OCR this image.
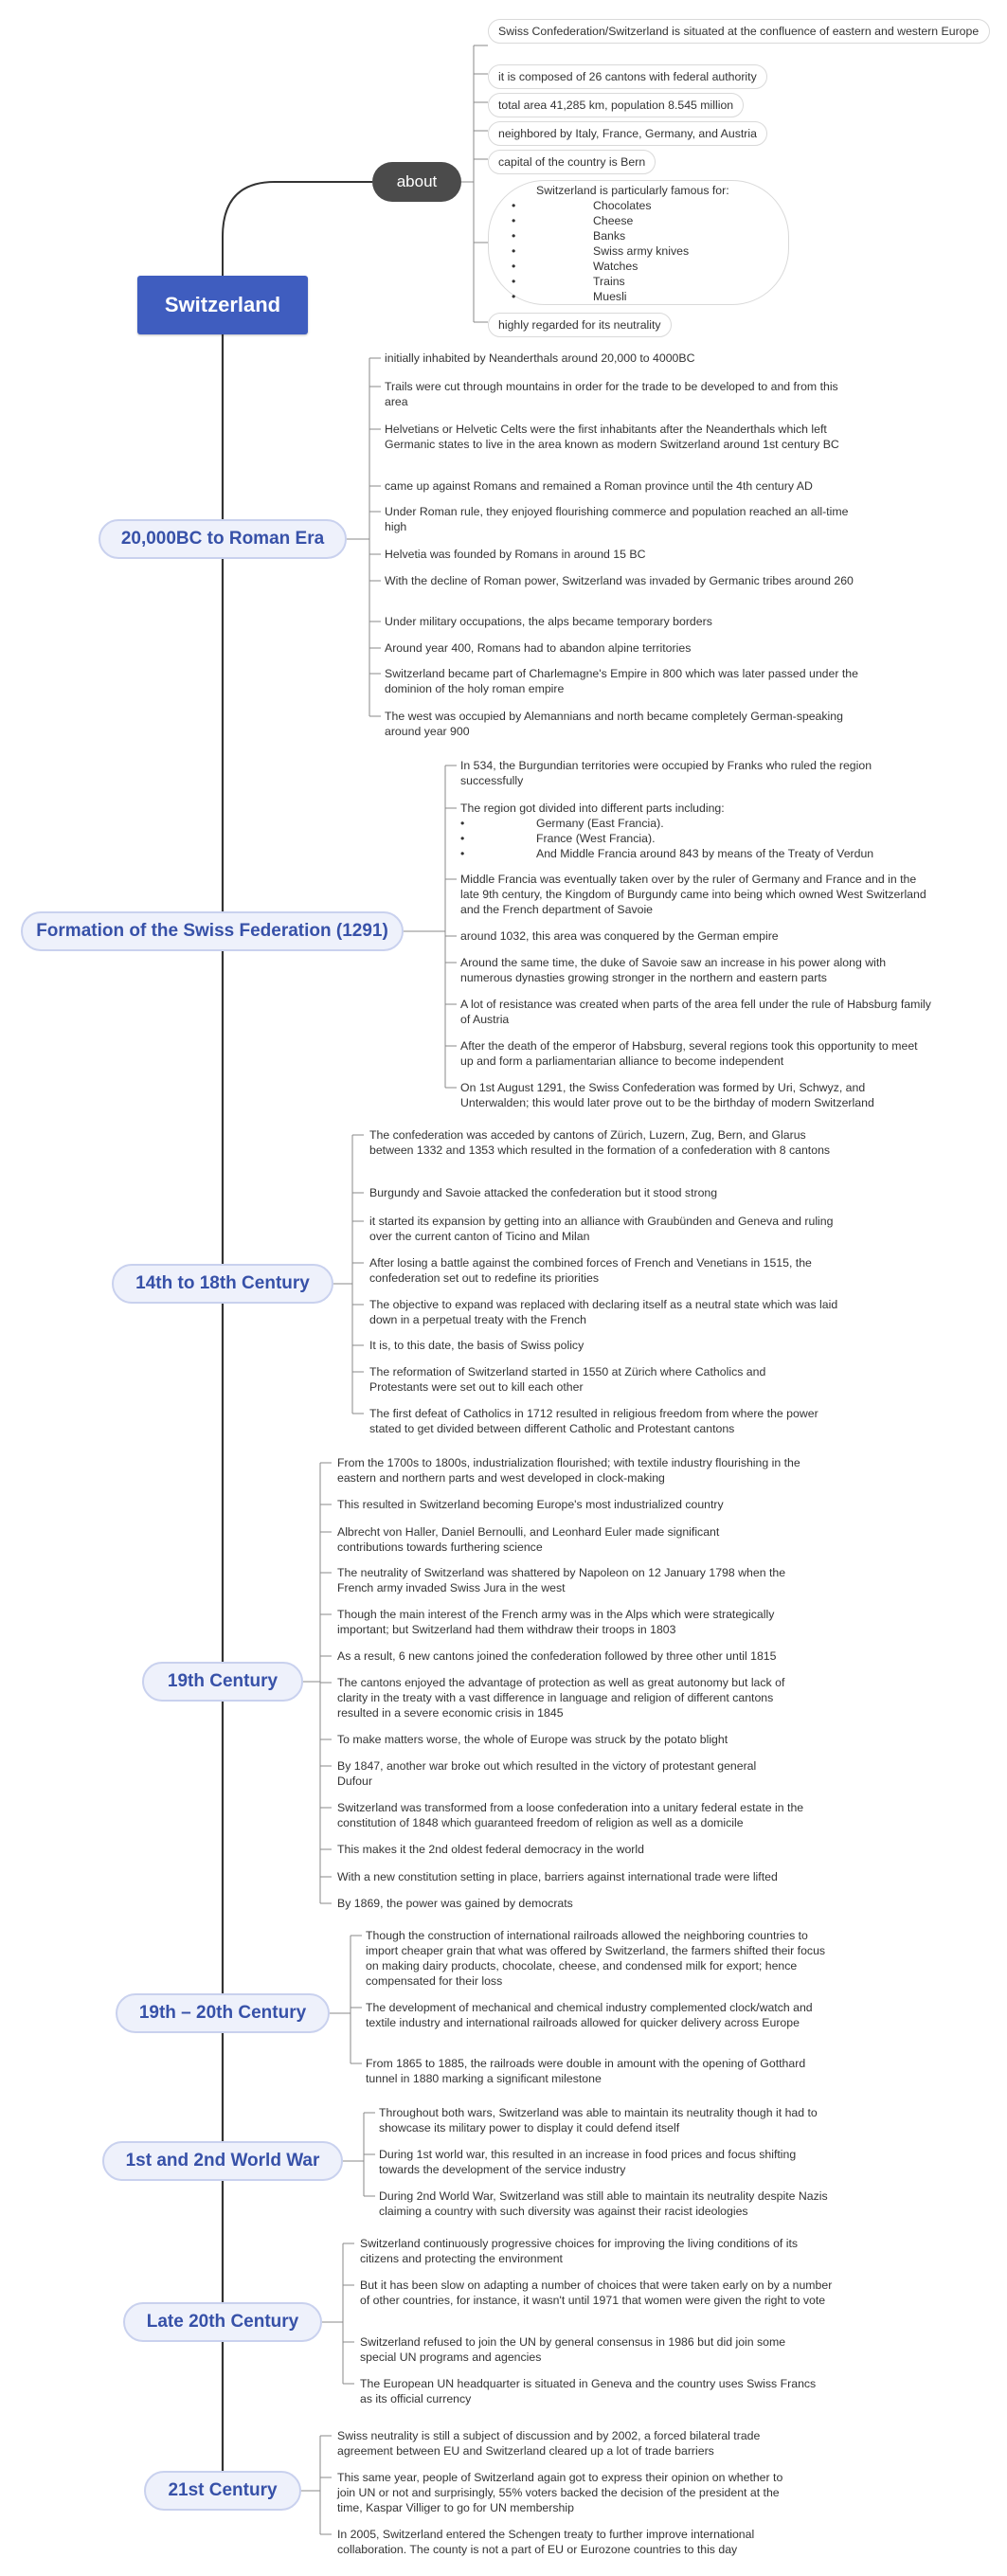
Switzerland
about
Swiss Confederation/Switzerland is situated at the confluence of eastern and western Europe
it is composed of 26 cantons with federal authority
total area 41,285 km, population 8.545 million
neighbored by Italy, France, Germany, and Austria
capital of the country is Bern
Switzerland is particularly famous for:
•	Chocolates
•	Cheese
•	Banks
•	Swiss army knives
•	Watches
•	Trains
•	Muesli
highly regarded for its neutrality
20,000BC to Roman Era
initially inhabited by Neanderthals around 20,000 to 4000BC
Trails were cut through mountains in order for the trade to be developed to and from this area
Helvetians or Helvetic Celts were the first inhabitants after the Neanderthals which left Germanic states to live in the area known as modern Switzerland around 1st century BC
came up against Romans and remained a Roman province until the 4th century AD
Under Roman rule, they enjoyed flourishing commerce and population reached an all-time high
Helvetia was founded by Romans in around 15 BC
With the decline of Roman power, Switzerland was invaded by Germanic tribes around 260
Under military occupations, the alps became temporary borders
Around year 400, Romans had to abandon alpine territories
Switzerland became part of Charlemagne's Empire in 800 which was later passed under the dominion of the holy roman empire
The west was occupied by Alemannians and north became completely German-speaking around year 900
Formation of the Swiss Federation (1291)
In 534, the Burgundian territories were occupied by Franks who ruled the region successfully
The region got divided into different parts including:
•	Germany (East Francia).
•	France (West Francia).
•	And Middle Francia around 843 by means of the Treaty of Verdun
Middle Francia was eventually taken over by the ruler of Germany and France and in the late 9th century, the Kingdom of Burgundy came into being which owned West Switzerland and the French department of Savoie
around 1032, this area was conquered by the German empire
Around the same time, the duke of Savoie saw an increase in his power along with numerous dynasties growing stronger in the northern and eastern parts
A lot of resistance was created when parts of the area fell under the rule of Habsburg family of Austria
After the death of the emperor of Habsburg, several regions took this opportunity to meet up and form a parliamentarian alliance to become independent
On 1st August 1291, the Swiss Confederation was formed by Uri, Schwyz, and Unterwalden; this would later prove out to be the birthday of modern Switzerland
14th to 18th Century
The confederation was acceded by cantons of Zürich, Luzern, Zug, Bern, and Glarus between 1332 and 1353 which resulted in the formation of a confederation with 8 cantons
Burgundy and Savoie attacked the confederation but it stood strong
it started its expansion by getting into an alliance with Graubünden and Geneva and ruling over the current canton of Ticino and Milan
After losing a battle against the combined forces of French and Venetians in 1515, the confederation set out to redefine its priorities
The objective to expand was replaced with declaring itself as a neutral state which was laid down in a perpetual treaty with the French
It is, to this date, the basis of Swiss policy
The reformation of Switzerland started in 1550 at Zürich where Catholics and Protestants were set out to kill each other
The first defeat of Catholics in 1712 resulted in religious freedom from where the power stated to get divided between different Catholic and Protestant cantons
19th Century
From the 1700s to 1800s, industrialization flourished; with textile industry flourishing in the eastern and northern parts and west developed in clock-making
This resulted in Switzerland becoming Europe's most industrialized country
Albrecht von Haller, Daniel Bernoulli, and Leonhard Euler made significant contributions towards furthering science
The neutrality of Switzerland was shattered by Napoleon on 12 January 1798 when the French army invaded Swiss Jura in the west
Though the main interest of the French army was in the Alps which were strategically important; but Switzerland had them withdraw their troops in 1803
As a result, 6 new cantons joined the confederation followed by three other until 1815
The cantons enjoyed the advantage of protection as well as great autonomy but lack of clarity in the treaty with a vast difference in language and religion of different cantons resulted in a severe economic crisis in 1845
To make matters worse, the whole of Europe was struck by the potato blight
By 1847, another war broke out which resulted in the victory of protestant general Dufour
Switzerland was transformed from a loose confederation into a unitary federal estate in the constitution of 1848 which guaranteed freedom of religion as well as a domicile
This makes it the 2nd oldest federal democracy in the world
With a new constitution setting in place, barriers against international trade were lifted
By 1869, the power was gained by democrats
19th – 20th Century
Though the construction of international railroads allowed the neighboring countries to import cheaper grain that what was offered by Switzerland, the farmers shifted their focus on making dairy products, chocolate, cheese, and condensed milk for export; hence compensated for their loss
The development of mechanical and chemical industry complemented clock/watch and textile industry and international railroads allowed for quicker delivery across Europe
From 1865 to 1885, the railroads were double in amount with the opening of Gotthard tunnel in 1880 marking a significant milestone
1st and 2nd World War
Throughout both wars, Switzerland was able to maintain its neutrality though it had to showcase its military power to display it could defend itself
During 1st world war, this resulted in an increase in food prices and focus shifting towards the development of the service industry
During 2nd World War, Switzerland was still able to maintain its neutrality despite Nazis claiming a country with such diversity was against their racist ideologies
Late 20th Century
Switzerland continuously progressive choices for improving the living conditions of its citizens and protecting the environment
But it has been slow on adapting a number of choices that were taken early on by a number of other countries, for instance, it wasn't until 1971 that women were given the right to vote
Switzerland refused to join the UN by general consensus in 1986 but did join some special UN programs and agencies
The European UN headquarter is situated in Geneva and the country uses Swiss Francs as its official currency
21st Century
Swiss neutrality is still a subject of discussion and by 2002, a forced bilateral trade agreement between EU and Switzerland cleared up a lot of trade barriers
This same year, people of Switzerland again got to express their opinion on whether to join UN or not and surprisingly, 55% voters backed the decision of the president at the time, Kaspar Villiger to go for UN membership
In 2005, Switzerland entered the Schengen treaty to further improve international collaboration. The county is not a part of EU or Eurozone countries to this day
